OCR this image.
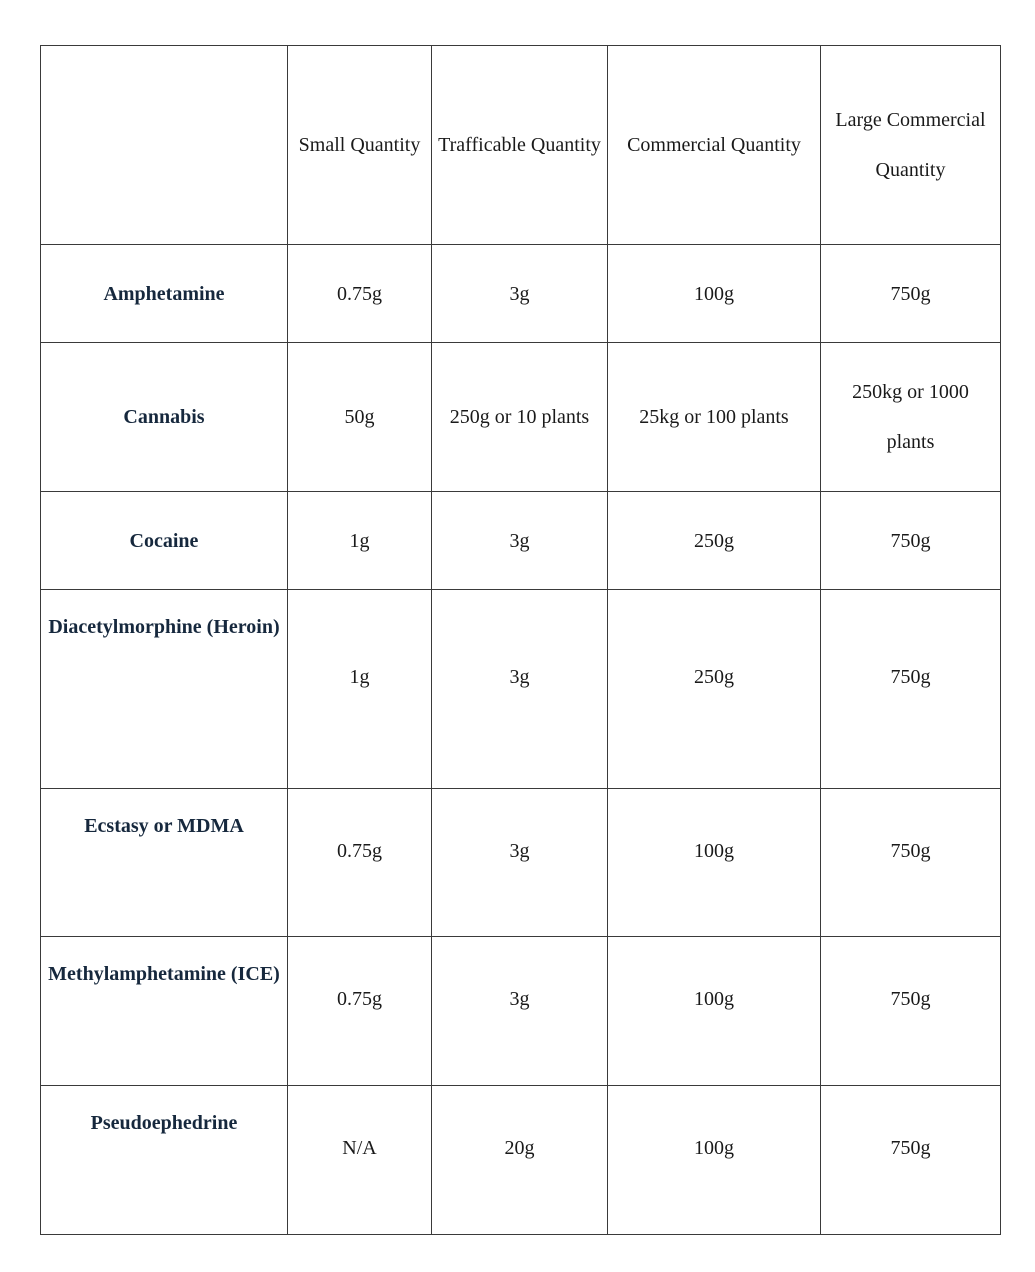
	Small Quantity	Trafficable Quantity	Commercial Quantity	Large Commercial Quantity
Amphetamine	0.75g	3g	100g	750g
Cannabis	50g	250g or 10 plants	25kg or 100 plants	250kg or 1000 plants
Cocaine	1g	3g	250g	750g
Diacetylmorphine (Heroin)	1g	3g	250g	750g
Ecstasy or MDMA	0.75g	3g	100g	750g
Methylamphetamine (ICE)	0.75g	3g	100g	750g
Pseudoephedrine	N/A	20g	100g	750g
